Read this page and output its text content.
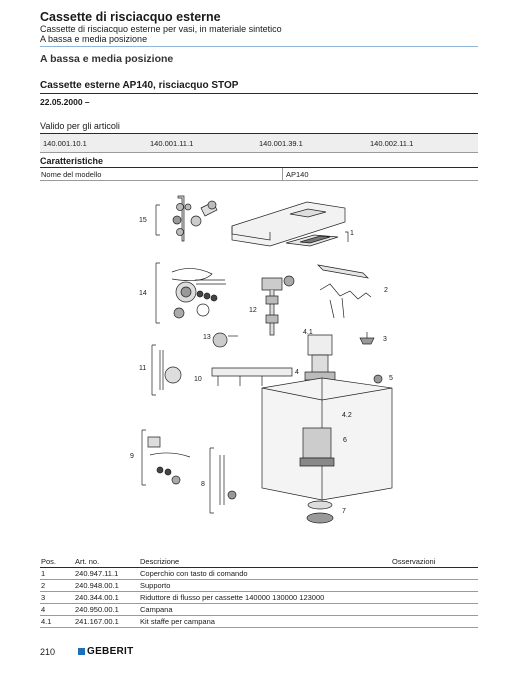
Cassette di risciacquo esterne
Cassette di risciacquo esterne per vasi, in materiale sintetico
A bassa e media posizione
A bassa e media posizione
Cassette esterne AP140, risciacquo STOP
22.05.2000 –
Valido per gli articoli
140.001.10.1	140.001.11.1	140.001.39.1	140.002.11.1
Caratteristiche
Nome del modello	AP140
15
1
14	2
12
4.1
3
13
4
5
11
10
4.2
6
9
8
7
Pos.	Art. no.	Descrizione	Osservazioni
1	240.947.11.1	Coperchio con tasto di comando
2	240.948.00.1	Supporto
3	240.344.00.1	Riduttore di flusso per cassette 140000 130000 123000
4	240.950.00.1	Campana
4.1	241.167.00.1	Kit staffe per campana
210	GEBERIT
